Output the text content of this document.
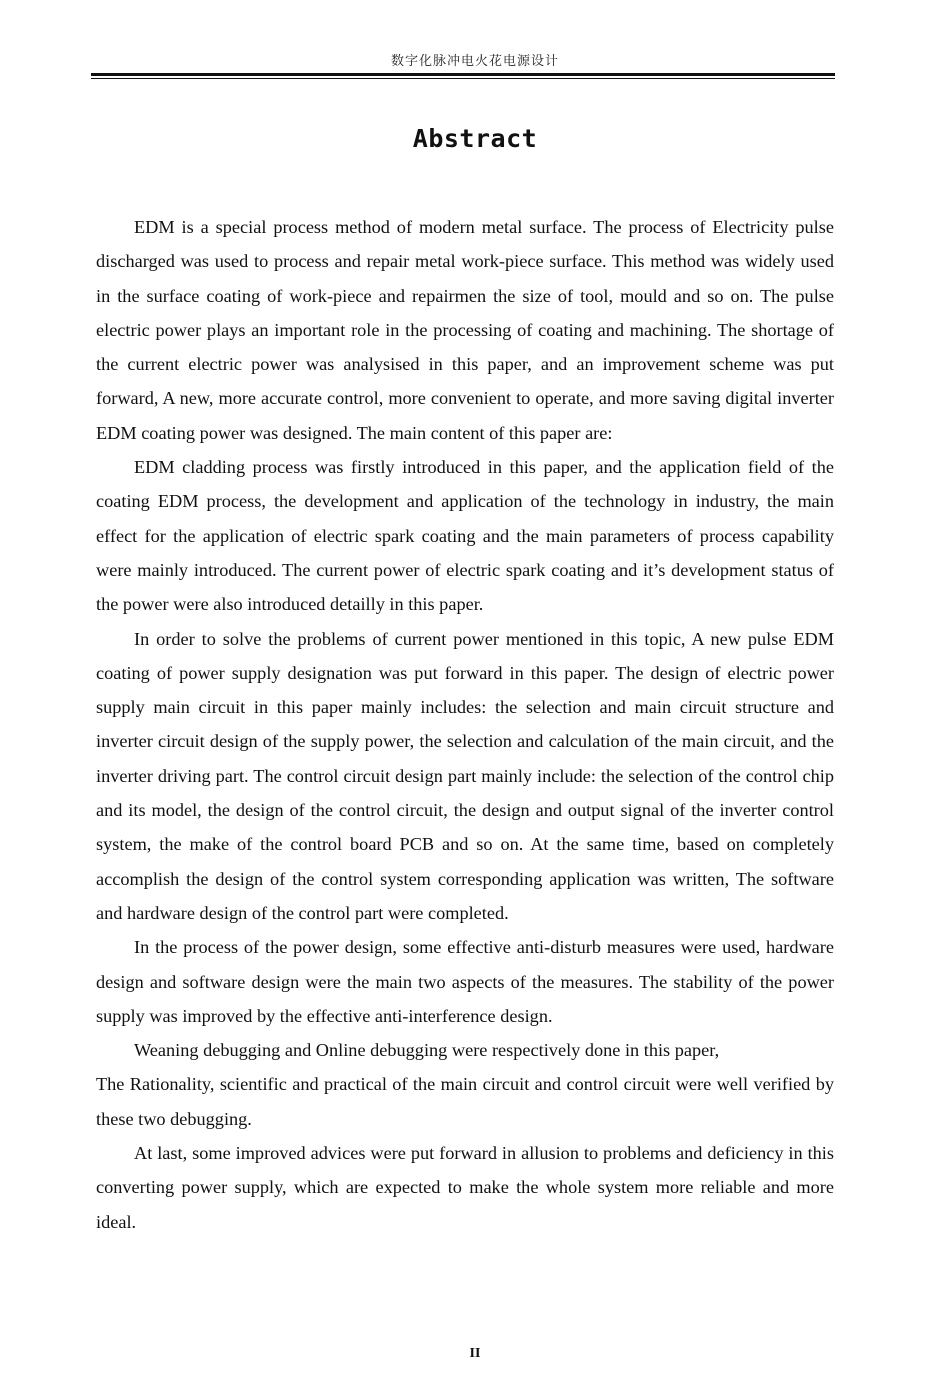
数字化脉冲电火花电源设计
Abstract

EDM is a special process method of modern metal surface. The process of Electricity pulse discharged was used to process and repair metal work-piece surface. This method was widely used in the surface coating of work-piece and repairmen the size of tool, mould and so on. The pulse electric power plays an important role in the processing of coating and machining. The shortage of the current electric power was analysised in this paper, and an improvement scheme was put forward, A new, more accurate control, more convenient to operate, and more saving digital inverter EDM coating power was designed. The main content of this paper are:

EDM cladding process was firstly introduced in this paper, and the application field of the coating EDM process, the development and application of the technology in industry, the main effect for the application of electric spark coating and the main parameters of process capability were mainly introduced. The current power of electric spark coating and it’s development status of the power were also introduced detailly in this paper.

In order to solve the problems of current power mentioned in this topic, A new pulse EDM coating of power supply designation was put forward in this paper. The design of electric power supply main circuit in this paper mainly includes: the selection and main circuit structure and inverter circuit design of the supply power, the selection and calculation of the main circuit, and the inverter driving part. The control circuit design part mainly include: the selection of the control chip and its model, the design of the control circuit, the design and output signal of the inverter control system, the make of the control board PCB and so on. At the same time, based on completely accomplish the design of the control system corresponding application was written, The software and hardware design of the control part were completed.

In the process of the power design, some effective anti-disturb measures were used, hardware design and software design were the main two aspects of the measures. The stability of the power supply was improved by the effective anti-interference design.

Weaning debugging and Online debugging were respectively done in this paper,

The Rationality, scientific and practical of the main circuit and control circuit were well verified by these two debugging.

At last, some improved advices were put forward in allusion to problems and deficiency in this converting power supply, which are expected to make the whole system more reliable and more ideal.

II
